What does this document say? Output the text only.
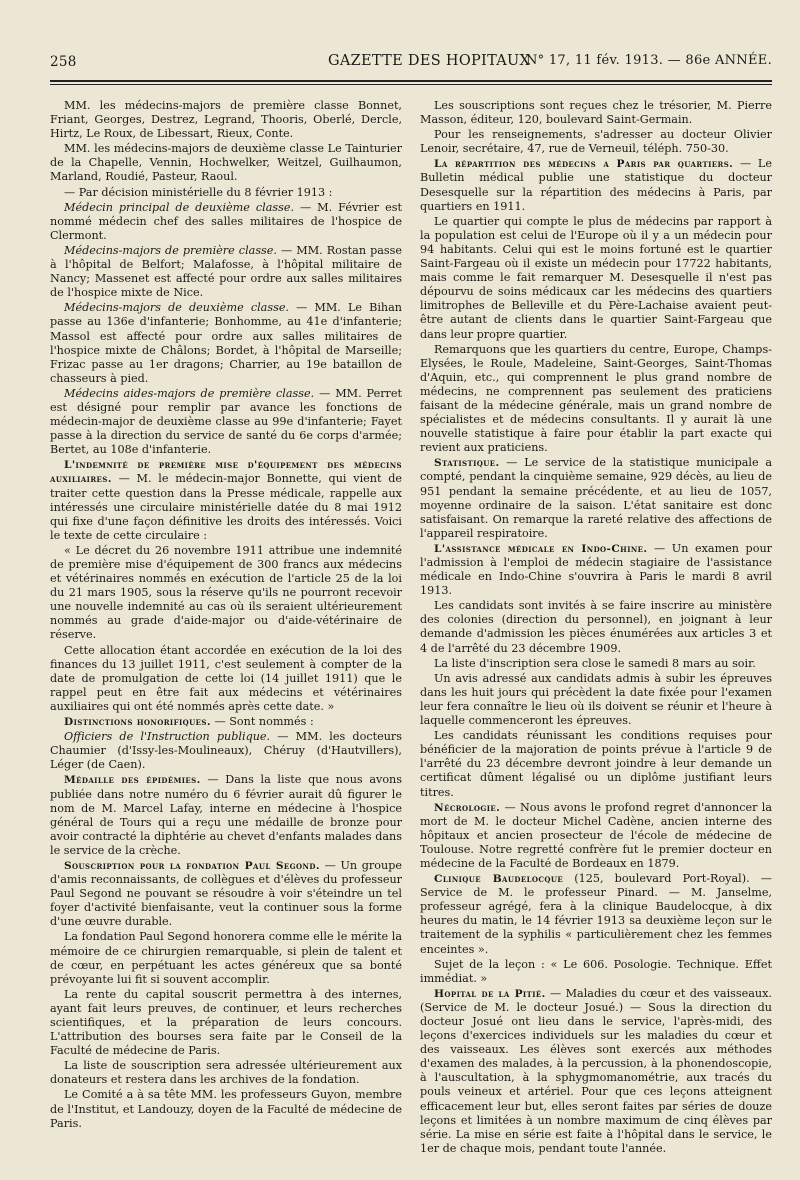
258	GAZETTE DES HOPITAUX
N° 17, 11 fév. 1913. — 86e ANNÉE.

MM. les médecins-majors de première classe Bonnet, Friant, Georges, Destrez, Legrand, Thooris, Oberlé, Dercle, Hirtz, Le Roux, de Libessart, Rieux, Conte.

MM. les médecins-majors de deuxième classe Le Tainturier de la Chapelle, Vennin, Hochwelker, Weitzel, Guilhaumon, Marland, Roudié, Pasteur, Raoul.

— Par décision ministérielle du 8 février 1913 :

Médecin principal de deuxième classe. — M. Février est nommé médecin chef des salles militaires de l'hospice de Clermont.

Médecins-majors de première classe. — MM. Rostan passe à l'hôpital de Belfort; Malafosse, à l'hôpital militaire de Nancy; Massenet est affecté pour ordre aux salles militaires de l'hospice mixte de Nice.

Médecins-majors de deuxième classe. — MM. Le Bihan passe au 136e d'infanterie; Bonhomme, au 41e d'infanterie; Massol est affecté pour ordre aux salles militaires de l'hospice mixte de Châlons; Bordet, à l'hôpital de Marseille; Frizac passe au 1er dragons; Charrier, au 19e bataillon de chasseurs à pied.

Médecins aides-majors de première classe. — MM. Perret est désigné pour remplir par avance les fonctions de médecin-major de deuxième classe au 99e d'infanterie; Fayet passe à la direction du service de santé du 6e corps d'armée; Bertet, au 108e d'infanterie.

L'indemnité de première mise d'équipement des médecins auxiliaires. — M. le médecin-major Bonnette, qui vient de traiter cette question dans la Presse médicale, rappelle aux intéressés une circulaire ministérielle datée du 8 mai 1912 qui fixe d'une façon définitive les droits des intéressés. Voici le texte de cette circulaire :

« Le décret du 26 novembre 1911 attribue une indemnité de première mise d'équipement de 300 francs aux médecins et vétérinaires nommés en exécution de l'article 25 de la loi du 21 mars 1905, sous la réserve qu'ils ne pourront recevoir une nouvelle indemnité au cas où ils seraient ultérieurement nommés au grade d'aide-major ou d'aide-vétérinaire de réserve.

Cette allocation étant accordée en exécution de la loi des finances du 13 juillet 1911, c'est seulement à compter de la date de promulgation de cette loi (14 juillet 1911) que le rappel peut en être fait aux médecins et vétérinaires auxiliaires qui ont été nommés après cette date. »

Distinctions honorifiques. — Sont nommés :

Officiers de l'Instruction publique. — MM. les docteurs Chaumier (d'Issy-les-Moulineaux), Chéruy (d'Hautvillers), Léger (de Caen).

Médaille des épidémies. — Dans la liste que nous avons publiée dans notre numéro du 6 février aurait dû figurer le nom de M. Marcel Lafay, interne en médecine à l'hospice général de Tours qui a reçu une médaille de bronze pour avoir contracté la diphtérie au chevet d'enfants malades dans le service de la crèche.

Souscription pour la fondation Paul Segond. — Un groupe d'amis reconnaissants, de collègues et d'élèves du professeur Paul Segond ne pouvant se résoudre à voir s'éteindre un tel foyer d'activité bienfaisante, veut la continuer sous la forme d'une œuvre durable.

La fondation Paul Segond honorera comme elle le mérite la mémoire de ce chirurgien remarquable, si plein de talent et de cœur, en perpétuant les actes généreux que sa bonté prévoyante lui fit si souvent accomplir.

La rente du capital souscrit permettra à des internes, ayant fait leurs preuves, de continuer, et leurs recherches scientifiques, et la préparation de leurs concours. L'attribution des bourses sera faite par le Conseil de la Faculté de médecine de Paris.

La liste de souscription sera adressée ultérieurement aux donateurs et restera dans les archives de la fondation.

Le Comité a à sa tête MM. les professeurs Guyon, membre de l'Institut, et Landouzy, doyen de la Faculté de médecine de Paris.

Les souscriptions sont reçues chez le trésorier, M. Pierre Masson, éditeur, 120, boulevard Saint-Germain.

Pour les renseignements, s'adresser au docteur Olivier Lenoir, secrétaire, 47, rue de Verneuil, téléph. 750-30.

La répartition des médecins a Paris par quartiers. — Le Bulletin médical publie une statistique du docteur Desesquelle sur la répartition des médecins à Paris, par quartiers en 1911.

Le quartier qui compte le plus de médecins par rapport à la population est celui de l'Europe où il y a un médecin pour 94 habitants. Celui qui est le moins fortuné est le quartier Saint-Fargeau où il existe un médecin pour 17722 habitants, mais comme le fait remarquer M. Desesquelle il n'est pas dépourvu de soins médicaux car les médecins des quartiers limitrophes de Belleville et du Père-Lachaise avaient peut-être autant de clients dans le quartier Saint-Fargeau que dans leur propre quartier.

Remarquons que les quartiers du centre, Europe, Champs-Elysées, le Roule, Madeleine, Saint-Georges, Saint-Thomas d'Aquin, etc., qui comprennent le plus grand nombre de médecins, ne comprennent pas seulement des praticiens faisant de la médecine générale, mais un grand nombre de spécialistes et de médecins consultants. Il y aurait là une nouvelle statistique à faire pour établir la part exacte qui revient aux praticiens.

Statistique. — Le service de la statistique municipale a compté, pendant la cinquième semaine, 929 décès, au lieu de 951 pendant la semaine précédente, et au lieu de 1057, moyenne ordinaire de la saison. L'état sanitaire est donc satisfaisant. On remarque la rareté relative des affections de l'appareil respiratoire.

L'assistance médicale en Indo-Chine. — Un examen pour l'admission à l'emploi de médecin stagiaire de l'assistance médicale en Indo-Chine s'ouvrira à Paris le mardi 8 avril 1913.

Les candidats sont invités à se faire inscrire au ministère des colonies (direction du personnel), en joignant à leur demande d'admission les pièces énumérées aux articles 3 et 4 de l'arrêté du 23 décembre 1909.

La liste d'inscription sera close le samedi 8 mars au soir.

Un avis adressé aux candidats admis à subir les épreuves dans les huit jours qui précèdent la date fixée pour l'examen leur fera connaître le lieu où ils doivent se réunir et l'heure à laquelle commenceront les épreuves.

Les candidats réunissant les conditions requises pour bénéficier de la majoration de points prévue à l'article 9 de l'arrêté du 23 décembre devront joindre à leur demande un certificat dûment légalisé ou un diplôme justifiant leurs titres.

Nécrologie. — Nous avons le profond regret d'annoncer la mort de M. le docteur Michel Cadène, ancien interne des hôpitaux et ancien prosecteur de l'école de médecine de Toulouse. Notre regretté confrère fut le premier docteur en médecine de la Faculté de Bordeaux en 1879.

Clinique Baudelocque (125, boulevard Port-Royal). — Service de M. le professeur Pinard. — M. Janselme, professeur agrégé, fera à la clinique Baudelocque, à dix heures du matin, le 14 février 1913 sa deuxième leçon sur le traitement de la syphilis « particulièrement chez les femmes enceintes ».

Sujet de la leçon : « Le 606. Posologie. Technique. Effet immédiat. »

Hopital de la Pitié. — Maladies du cœur et des vaisseaux. (Service de M. le docteur Josué.) — Sous la direction du docteur Josué ont lieu dans le service, l'après-midi, des leçons d'exercices individuels sur les maladies du cœur et des vaisseaux. Les élèves sont exercés aux méthodes d'examen des malades, à la percussion, à la phonendoscopie, à l'auscultation, à la sphygmomanométrie, aux tracés du pouls veineux et artériel. Pour que ces leçons atteignent efficacement leur but, elles seront faites par séries de douze leçons et limitées à un nombre maximum de cinq élèves par série. La mise en série est faite à l'hôpital dans le service, le 1er de chaque mois, pendant toute l'année.
